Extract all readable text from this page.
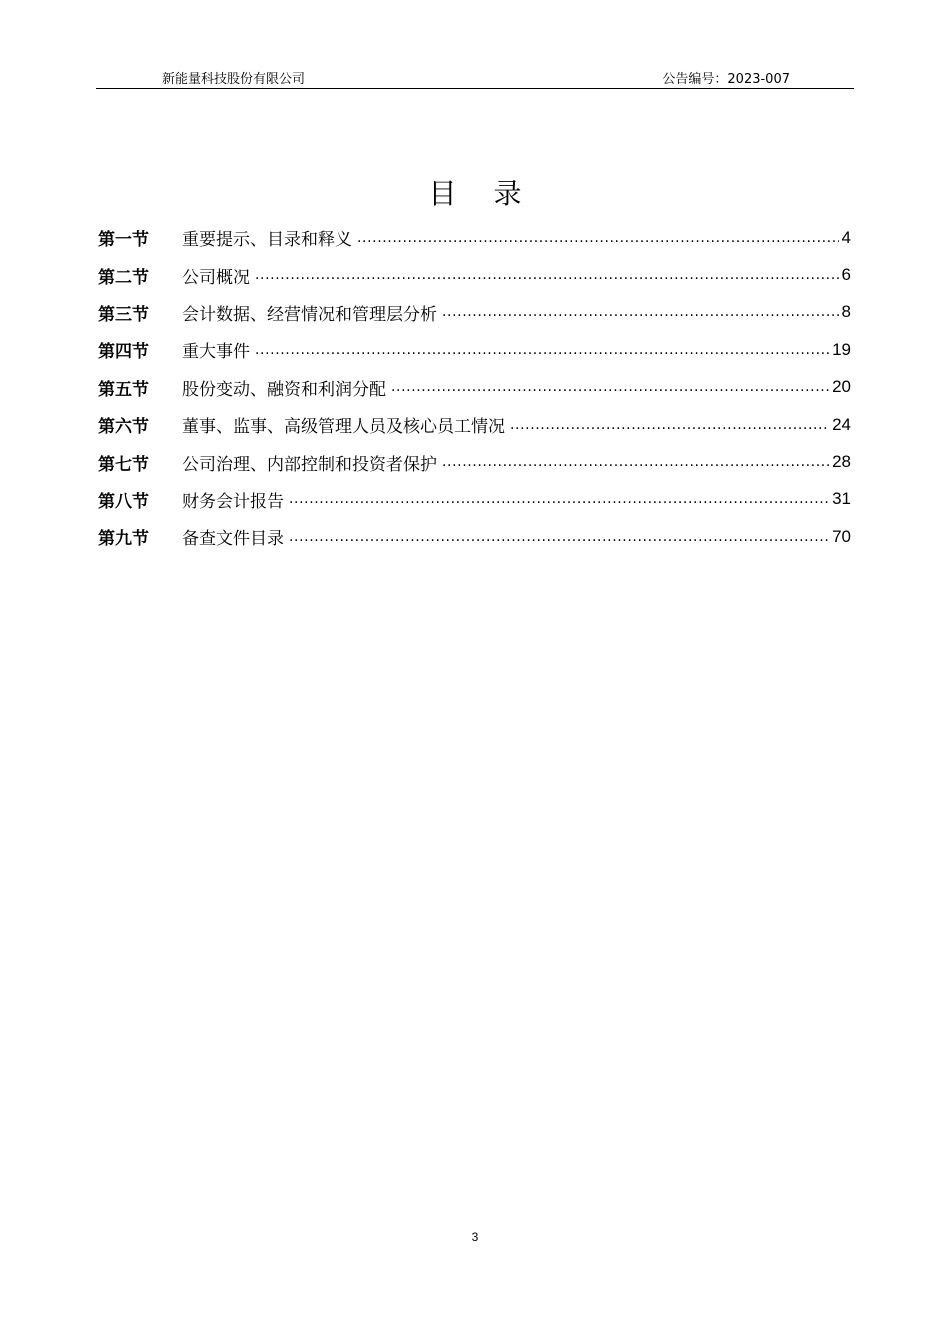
新能量科技股份有限公司	公告编号：2023-007
目 录
第一节	重要提示、目录和释义 .....	4
第二节	公司概况 .....	6
第三节	会计数据、经营情况和管理层分析 .....	8
第四节	重大事件 .....	19
第五节	股份变动、融资和利润分配 .....	20
第六节	董事、监事、高级管理人员及核心员工情况 .....	24
第七节	公司治理、内部控制和投资者保护 .....	28
第八节	财务会计报告 .....	31
第九节	备查文件目录 .....	70
3
